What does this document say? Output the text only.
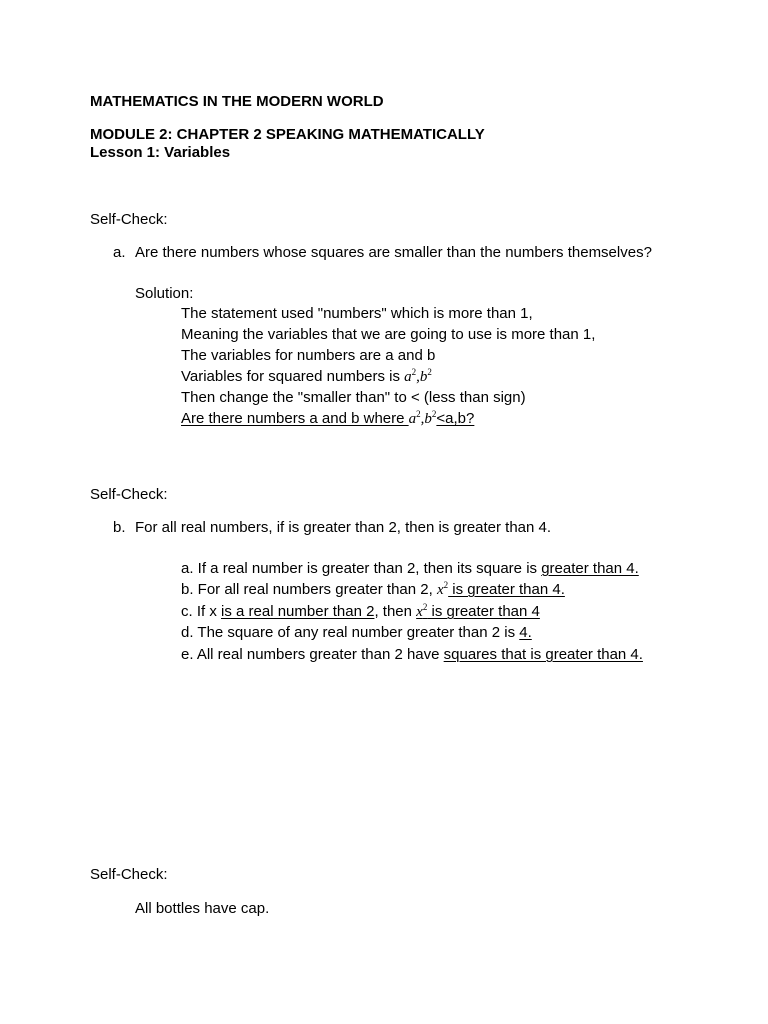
MATHEMATICS IN THE MODERN WORLD
MODULE 2: CHAPTER 2 SPEAKING MATHEMATICALLY
Lesson 1: Variables
Self-Check:
a. Are there numbers whose squares are smaller than the numbers themselves?
Solution:
The statement used "numbers" which is more than 1,
Meaning the variables that we are going to use is more than 1,
The variables for numbers are a and b
Variables for squared numbers is $a^2,b^2$
Then change the "smaller than" to < (less than sign)
Are there numbers a and b where $a^2,b^2<a,b$?
Self-Check:
b. For all real numbers, if is greater than 2, then is greater than 4.
a. If a real number is greater than 2, then its square is greater than 4.
b. For all real numbers greater than 2, $x^2$ is greater than 4.
c. If x is a real number than 2, then $x^2$ is greater than 4
d. The square of any real number greater than 2 is 4.
e. All real numbers greater than 2 have squares that is greater than 4.
Self-Check:
All bottles have cap.
